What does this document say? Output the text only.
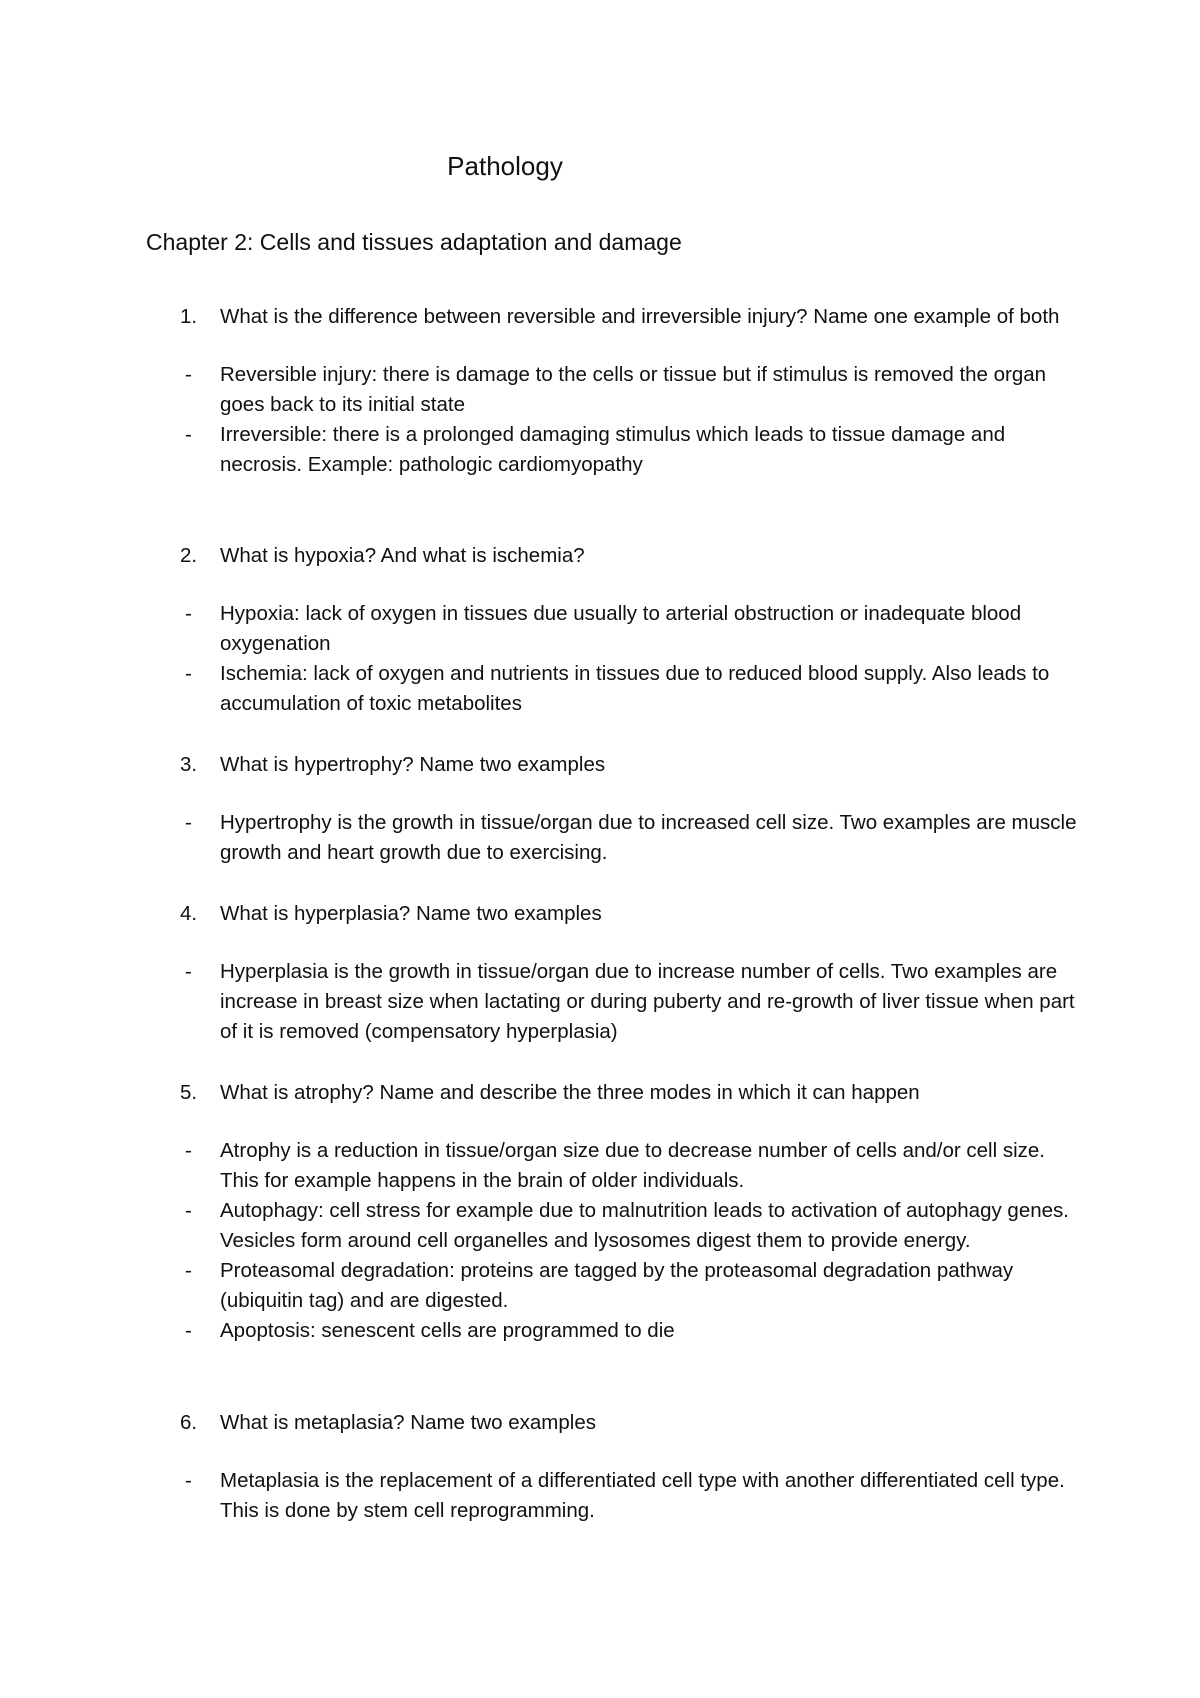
Pathology
Chapter 2: Cells and tissues adaptation and damage
1. What is the difference between reversible and irreversible injury? Name one example of both
-
Reversible injury: there is damage to the cells or tissue but if stimulus is removed the organ goes back to its initial state
-
Irreversible: there is a prolonged damaging stimulus which leads to tissue damage and necrosis. Example: pathologic cardiomyopathy
2. What is hypoxia? And what is ischemia?
-
Hypoxia: lack of oxygen in tissues due usually to arterial obstruction or inadequate blood oxygenation
-
Ischemia: lack of oxygen and nutrients in tissues due to reduced blood supply. Also leads to accumulation of toxic metabolites
3. What is hypertrophy? Name two examples
-
Hypertrophy is the growth in tissue/organ due to increased cell size. Two examples are muscle growth and heart growth due to exercising.
4. What is hyperplasia? Name two examples
-
Hyperplasia is the growth in tissue/organ due to increase number of cells. Two examples are increase in breast size when lactating or during puberty and re-growth of liver tissue when part of it is removed (compensatory hyperplasia)
5. What is atrophy? Name and describe the three modes in which it can happen
-
Atrophy is a reduction in tissue/organ size due to decrease number of cells and/or cell size. This for example happens in the brain of older individuals.
-
Autophagy: cell stress for example due to malnutrition leads to activation of autophagy genes. Vesicles form around cell organelles and lysosomes digest them to provide energy.
-
Proteasomal degradation: proteins are tagged by the proteasomal degradation pathway (ubiquitin tag) and are digested.
-
Apoptosis: senescent cells are programmed to die
6. What is metaplasia? Name two examples
-
Metaplasia is the replacement of a differentiated cell type with another differentiated cell type. This is done by stem cell reprogramming.
